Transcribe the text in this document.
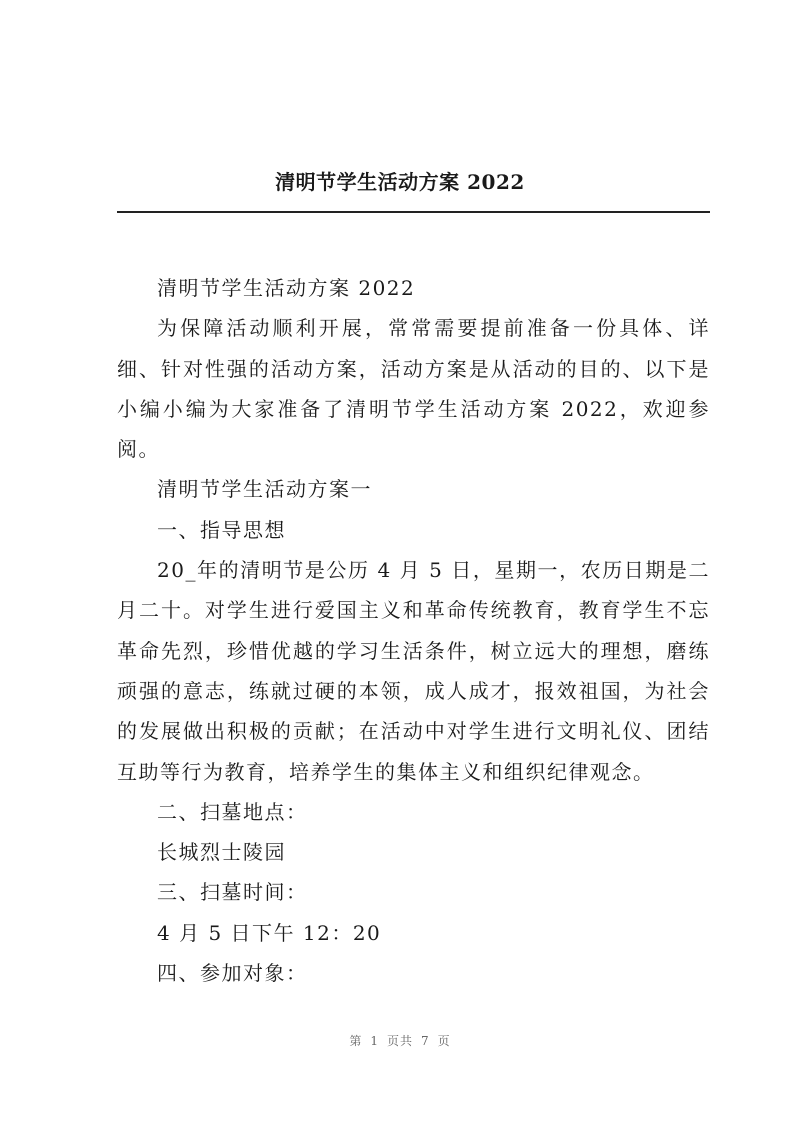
清明节学生活动方案 2022

清明节学生活动方案 2022

为保障活动顺利开展，常常需要提前准备一份具体、详细、针对性强的活动方案，活动方案是从活动的目的、以下是小编小编为大家准备了清明节学生活动方案 2022，欢迎参阅。

清明节学生活动方案一

一、指导思想

20_年的清明节是公历 4 月 5 日，星期一，农历日期是二月二十。对学生进行爱国主义和革命传统教育，教育学生不忘革命先烈，珍惜优越的学习生活条件，树立远大的理想，磨练顽强的意志，练就过硬的本领，成人成才，报效祖国，为社会的发展做出积极的贡献；在活动中对学生进行文明礼仪、团结互助等行为教育，培养学生的集体主义和组织纪律观念。

二、扫墓地点：

长城烈士陵园

三、扫墓时间：

4 月 5 日下午 12：20

四、参加对象：

第 1 页共 7 页
